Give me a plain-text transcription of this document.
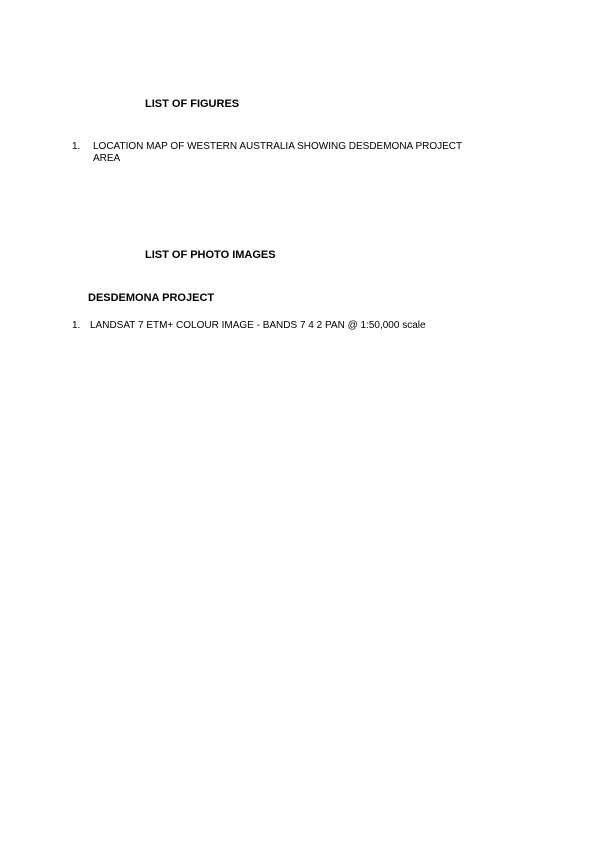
LIST OF FIGURES
1. LOCATION MAP OF WESTERN AUSTRALIA SHOWING DESDEMONA PROJECT
AREA
LIST OF PHOTO IMAGES
DESDEMONA PROJECT
1. LANDSAT 7 ETM+ COLOUR IMAGE - BANDS 7 4 2 PAN @ 1:50,000 scale
